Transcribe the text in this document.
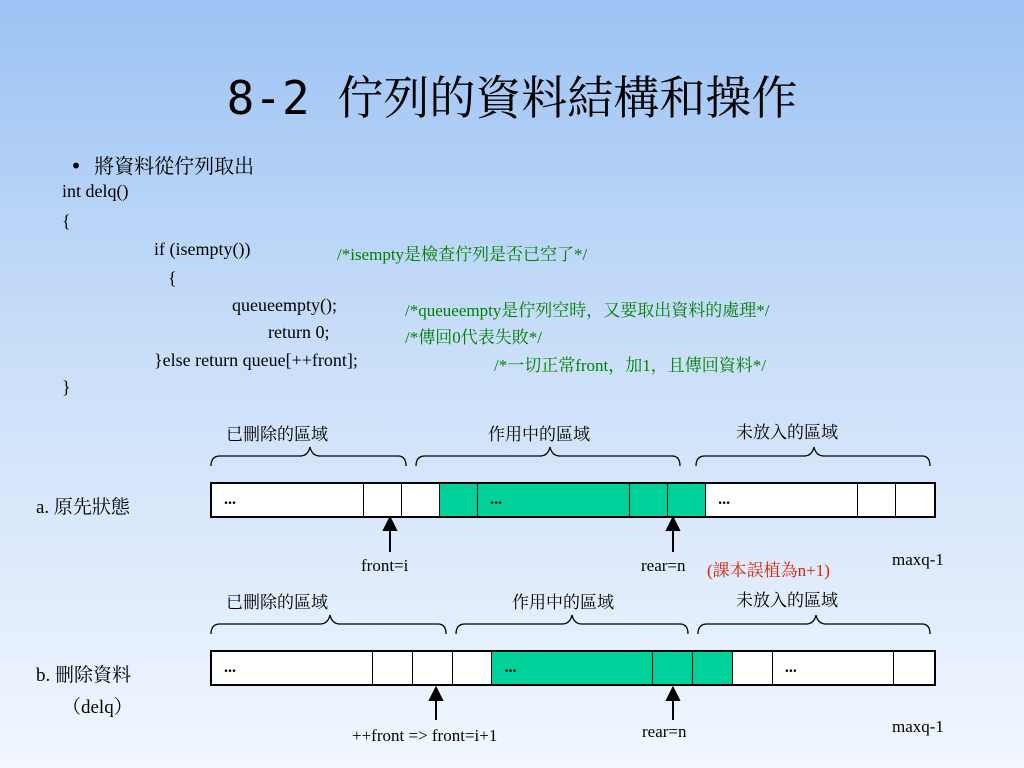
8-2 佇列的資料結構和操作
• 將資料從佇列取出
int delq()
{
if (isempty())	/*isempty是檢查佇列是否已空了*/
{
queueempty();	/*queueempty是佇列空時，又要取出資料的處理*/
return 0;	/*傳回0代表失敗*/
}else return queue[++front];	/*一切正常front，加1，且傳回資料*/
}
已刪除的區域	作用中的區域	未放入的區域
a. 原先狀態	...	...	...
front=i	rear=n (課本誤植為n+1)
maxq-1
已刪除的區域	作用中的區域	未放入的區域
b. 刪除資料
（delq）
...	...	...
++front => front=i+1	rear=n	maxq-1
